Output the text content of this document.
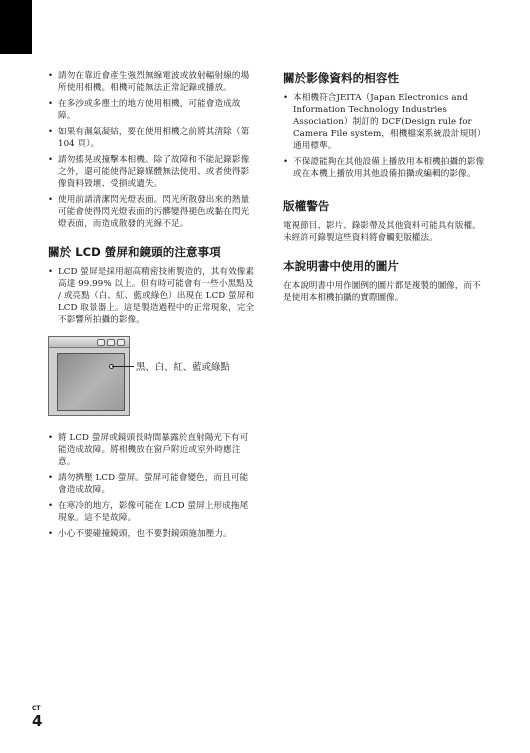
• 請勿在靠近會產生強烈無線電波或放射輻射線的場所使用相機。相機可能無法正常記錄或播放。
• 在多沙或多塵土的地方使用相機，可能會造成故障。
• 如果有濕氣凝結，要在使用相機之前將其清除（第 104 頁）。
• 請勿搖晃或撞擊本相機。除了故障和不能記錄影像之外，還可能使得記錄媒體無法使用、或者使得影像資料毀壞、受損或遺失。
• 使用前請清潔閃光燈表面。閃光所散發出來的熱量可能會使得閃光燈表面的污髒變得褪色或黏在閃光燈表面，而造成散發的光線不足。
關於 LCD 螢屏和鏡頭的注意事項
• LCD 螢屏是採用超高精密技術製造的，其有效像素高達 99.99% 以上。但有時可能會有一些小黑點及 / 或亮點（白、紅、藍或綠色）出現在 LCD 螢屏和 LCD 取景器上。這是製造過程中的正常現象，完全不影響所拍攝的影像。
黑、白、紅、藍或綠點
• 將 LCD 螢屏或鏡頭長時間暴露於直射陽光下有可能造成故障。將相機放在窗戶附近或室外時應注意。
• 請勿擠壓 LCD 螢屏。螢屏可能會變色，而且可能會造成故障。
• 在寒冷的地方，影像可能在 LCD 螢屏上形成拖尾現象。這不是故障。
• 小心不要碰撞鏡頭，也不要對鏡頭施加壓力。
關於影像資料的相容性
• 本相機符合JEITA（Japan Electronics and Information Technology Industries Association）制訂的 DCF(Design rule for Camera File system，相機檔案系統設計規則）通用標準。
• 不保證能夠在其他設備上播放用本相機拍攝的影像或在本機上播放用其他設備拍攝或編輯的影像。
版權警告

電視節目、影片、錄影帶及其他資料可能具有版權。未經許可錄製這些資料將會觸犯版權法。

本說明書中使用的圖片

在本說明書中用作圖例的圖片都是複製的圖像，而不是使用本相機拍攝的實際圖像。

CT
4
